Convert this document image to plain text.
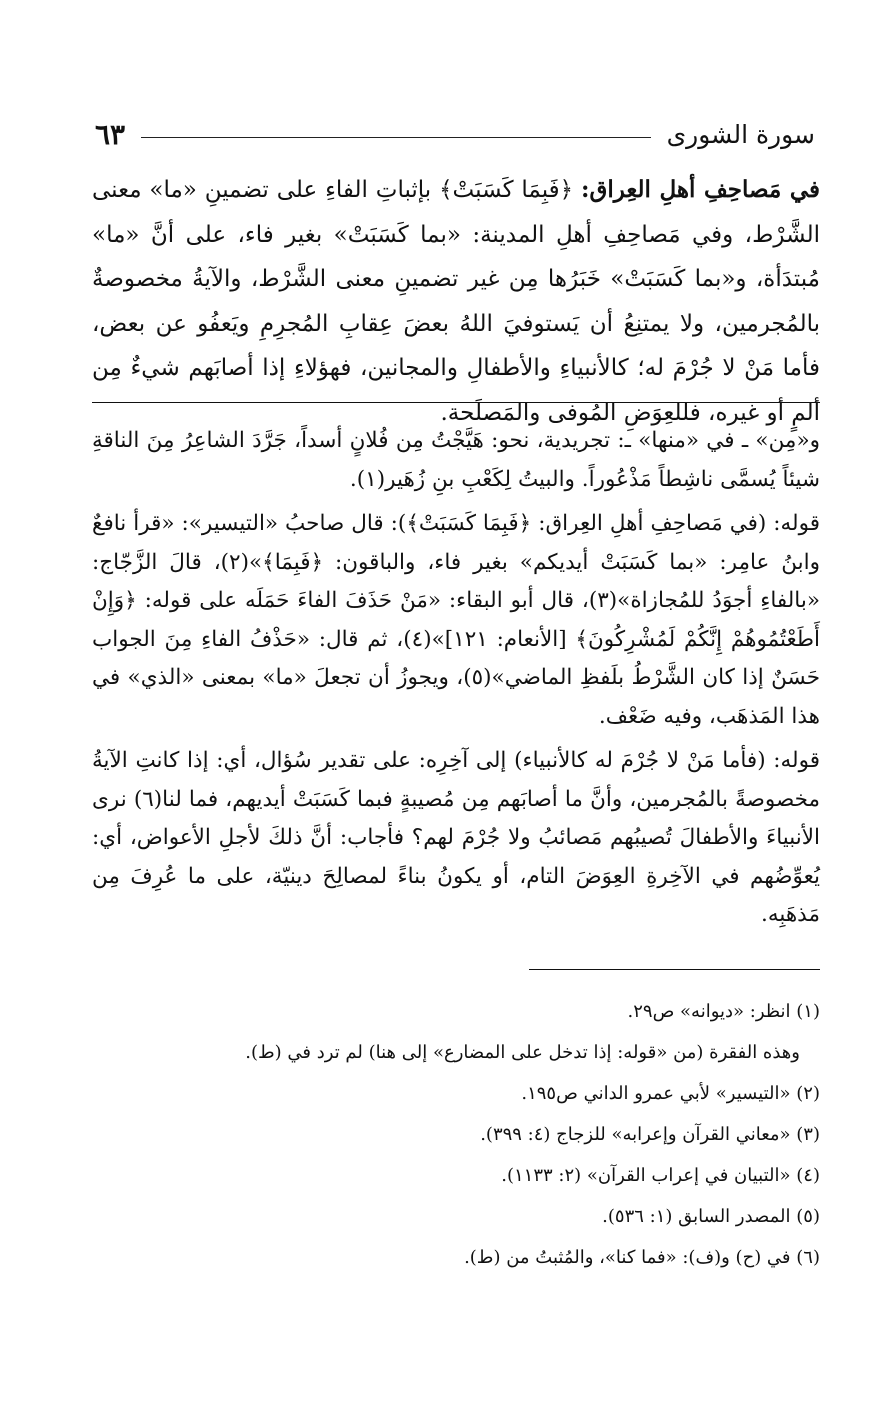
سورة الشورى
٦٣

في مَصاحِفِ أهلِ العِراق: ﴿فَبِمَا كَسَبَتْ﴾ بإثباتِ الفاءِ على تضمينِ «ما» معنى الشَّرْط، وفي مَصاحِفِ أهلِ المدينة: «بما كَسَبَتْ» بغير فاء، على أنَّ «ما» مُبتدَأة، و«بما كَسَبَتْ» خَبَرُها مِن غير تضمينِ معنى الشَّرْط، والآيةُ مخصوصةٌ بالمُجرمين، ولا يمتنِعُ أن يَستوفيَ اللهُ بعضَ عِقابِ المُجرِمِ ويَعفُو عن بعض، فأما مَنْ لا جُرْمَ له؛ كالأنبياءِ والأطفالِ والمجانين، فهؤلاءِ إذا أصابَهم شيءٌ مِن ألمٍ أو غيره، فللعِوَضِ المُوفى والمَصلَحة.

و«مِن» ـ في «منها» ـ: تجريدية، نحو: هَيَّجْتُ مِن فُلانٍ أسداً، جَرَّدَ الشاعِرُ مِنَ الناقةِ شيئاً يُسمَّى ناشِطاً مَذْعُوراً. والبيتُ لِكَعْبِ بنِ زُهَير(١).

قوله: (في مَصاحِفِ أهلِ العِراق: ﴿فَبِمَا كَسَبَتْ﴾): قال صاحبُ «التيسير»: «قرأ نافعٌ وابنُ عامِر: «بما كَسَبَتْ أيديكم» بغير فاء، والباقون: ﴿فَبِمَا﴾»(٢)، قالَ الزَّجّاج: «بالفاءِ أجوَدُ للمُجازاة»(٣)، قال أبو البقاء: «مَنْ حَذَفَ الفاءَ حَمَلَه على قوله: ﴿وَإِنْ أَطَعْتُمُوهُمْ إِنَّكُمْ لَمُشْرِكُونَ﴾ [الأنعام: ١٢١]»(٤)، ثم قال: «حَذْفُ الفاءِ مِنَ الجواب حَسَنٌ إذا كان الشَّرْطُ بلَفظِ الماضي»(٥)، ويجوزُ أن تجعلَ «ما» بمعنى «الذي» في هذا المَذهَب، وفيه ضَعْف.

قوله: (فأما مَنْ لا جُرْمَ له كالأنبياء) إلى آخِرِه: على تقدير سُؤال، أي: إذا كانتِ الآيةُ مخصوصةً بالمُجرمين، وأنَّ ما أصابَهم مِن مُصيبةٍ فبما كَسَبَتْ أيديهم، فما لنا(٦) نرى الأنبياءَ والأطفالَ تُصيبُهم مَصائبُ ولا جُرْمَ لهم؟ فأجاب: أنَّ ذلكَ لأجلِ الأعواض، أي: يُعوِّضُهم في الآخِرةِ العِوَضَ التام، أو يكونُ بناءً لمصالِحَ دينيّة، على ما عُرِفَ مِن مَذهَبِه.

(١) انظر: «ديوانه» ص٢٩.
وهذه الفقرة (من «قوله: إذا تدخل على المضارع» إلى هنا) لم ترد في (ط).
(٢) «التيسير» لأبي عمرو الداني ص١٩٥.
(٣) «معاني القرآن وإعرابه» للزجاج (٤: ٣٩٩).
(٤) «التبيان في إعراب القرآن» (٢: ١١٣٣).
(٥) المصدر السابق (١: ٥٣٦).
(٦) في (ح) و(ف): «فما كنا»، والمُثبتُ من (ط).
